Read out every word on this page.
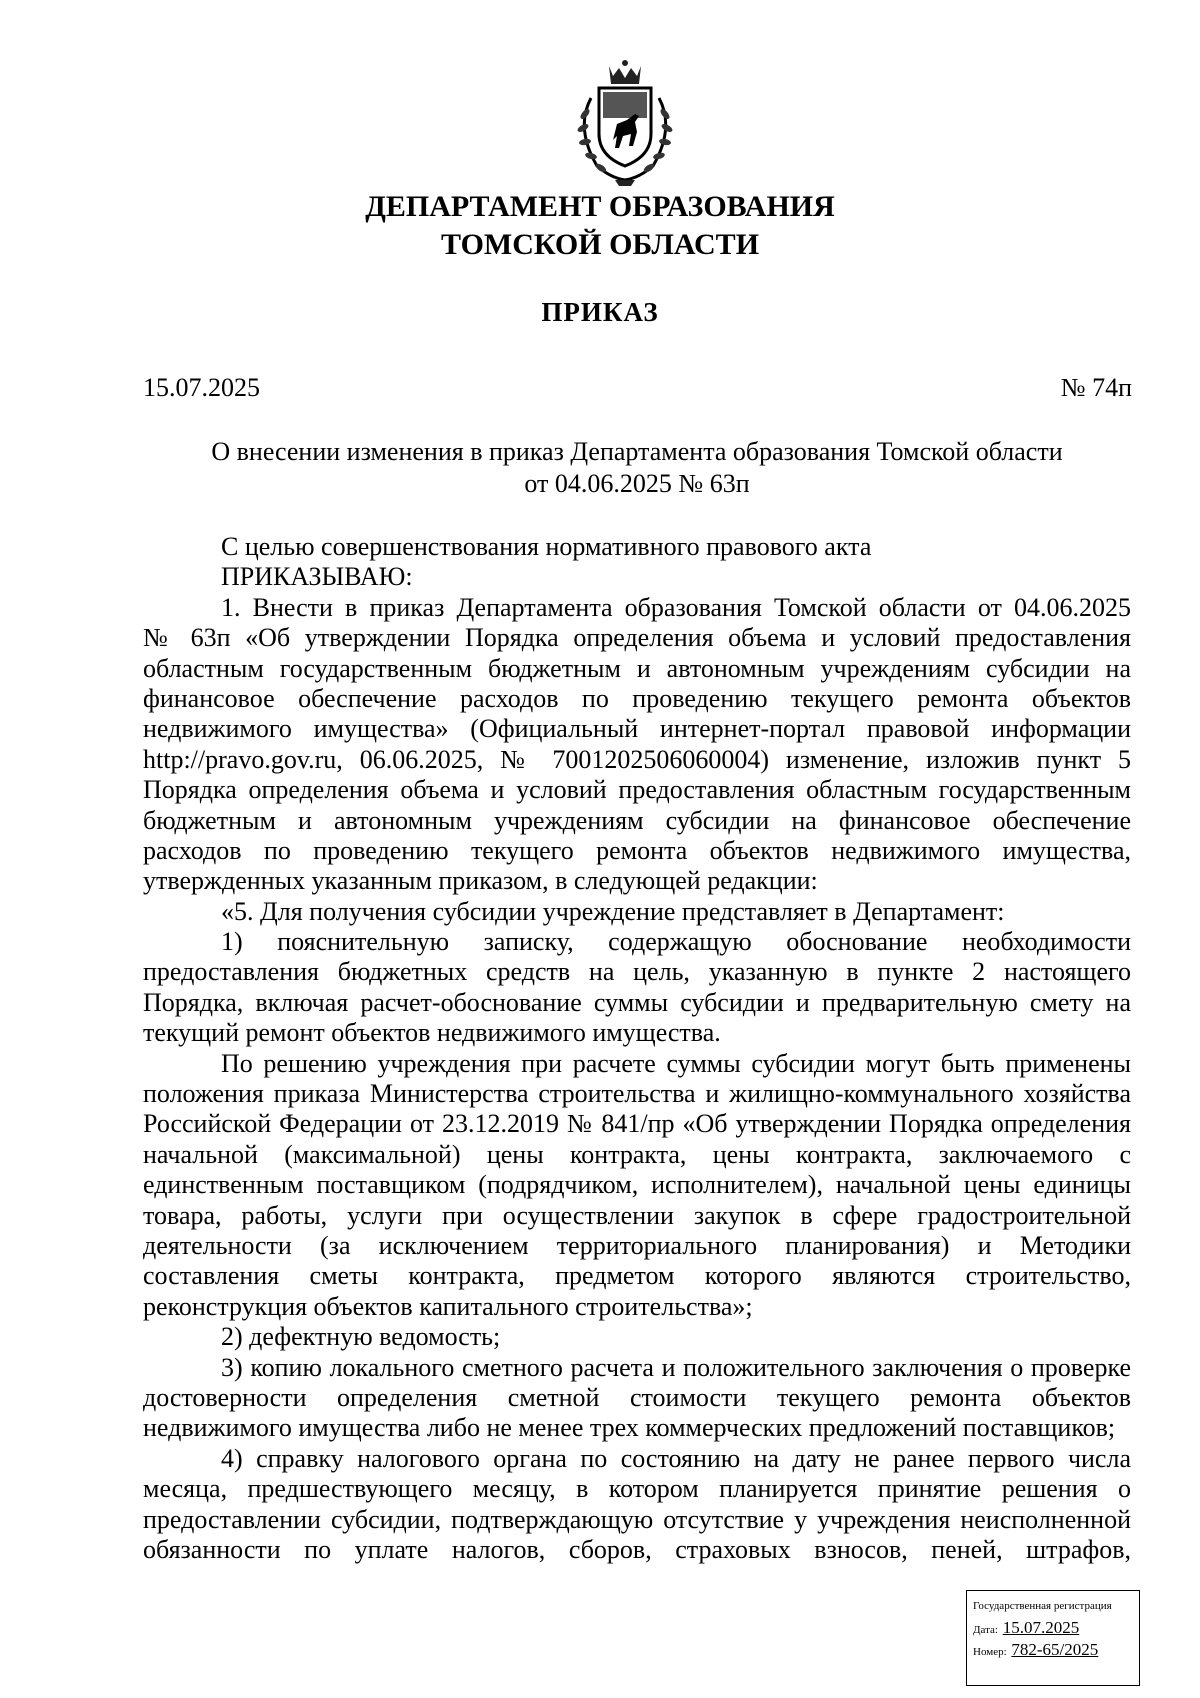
ДЕПАРТАМЕНТ ОБРАЗОВАНИЯ
ТОМСКОЙ ОБЛАСТИ
ПРИКАЗ
15.07.2025	№ 74п
О внесении изменения в приказ Департамента образования Томской области
от 04.06.2025 № 63п
С целью совершенствования нормативного правового акта
ПРИКАЗЫВАЮ:
1. Внести в приказ Департамента образования Томской области от 04.06.2025
№ 63п «Об утверждении Порядка определения объема и условий предоставления
областным государственным бюджетным и автономным учреждениям субсидии на
финансовое обеспечение расходов по проведению текущего ремонта объектов
недвижимого имущества» (Официальный интернет-портал правовой информации
http://pravo.gov.ru, 06.06.2025, № 7001202506060004) изменение, изложив пункт 5
Порядка определения объема и условий предоставления областным государственным
бюджетным и автономным учреждениям субсидии на финансовое обеспечение
расходов по проведению текущего ремонта объектов недвижимого имущества,
утвержденных указанным приказом, в следующей редакции:
«5. Для получения субсидии учреждение представляет в Департамент:
1) пояснительную записку, содержащую обоснование необходимости
предоставления бюджетных средств на цель, указанную в пункте 2 настоящего
Порядка, включая расчет-обоснование суммы субсидии и предварительную смету на
текущий ремонт объектов недвижимого имущества.
По решению учреждения при расчете суммы субсидии могут быть применены
положения приказа Министерства строительства и жилищно-коммунального хозяйства
Российской Федерации от 23.12.2019 № 841/пр «Об утверждении Порядка определения
начальной (максимальной) цены контракта, цены контракта, заключаемого с
единственным поставщиком (подрядчиком, исполнителем), начальной цены единицы
товара, работы, услуги при осуществлении закупок в сфере градостроительной
деятельности (за исключением территориального планирования) и Методики
составления сметы контракта, предметом которого являются строительство,
реконструкция объектов капитального строительства»;
2) дефектную ведомость;
3) копию локального сметного расчета и положительного заключения о проверке
достоверности определения сметной стоимости текущего ремонта объектов
недвижимого имущества либо не менее трех коммерческих предложений поставщиков;
4) справку налогового органа по состоянию на дату не ранее первого числа
месяца, предшествующего месяцу, в котором планируется принятие решения о
предоставлении субсидии, подтверждающую отсутствие у учреждения неисполненной
обязанности по уплате налогов, сборов, страховых взносов, пеней, штрафов,
Государственная регистрация
Дата: 15.07.2025
Номер: 782-65/2025
